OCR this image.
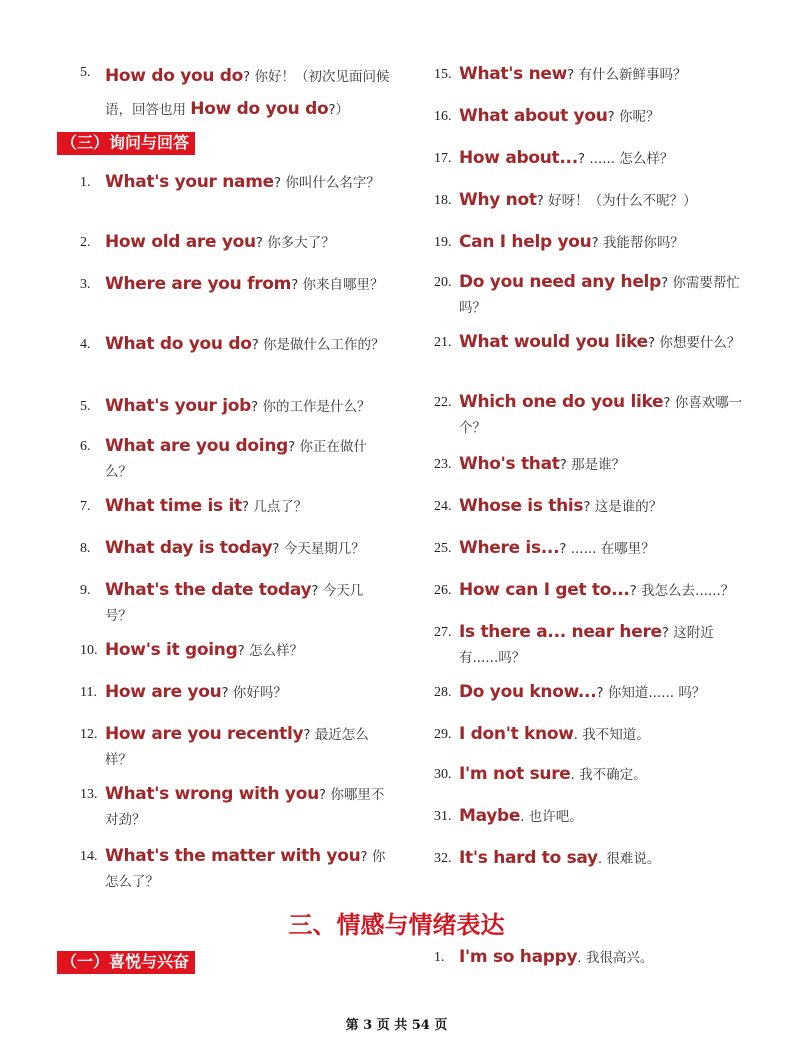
5. How do you do? 你好！（初次见面问候语，回答也用 How do you do?）
1. What's your name? 你叫什么名字？
2. How old are you? 你多大了？
3. Where are you from? 你来自哪里？
4. What do you do? 你是做什么工作的？
5. What's your job? 你的工作是什么？
6. What are you doing? 你正在做什么？
7. What time is it? 几点了？
8. What day is today? 今天星期几？
9. What's the date today? 今天几号？
10. How's it going? 怎么样？
11. How are you? 你好吗？
12. How are you recently? 最近怎么样？
13. What's wrong with you? 你哪里不对劲？
14. What's the matter with you? 你怎么了？
（三）询问与回答
15. What's new? 有什么新鲜事吗？
16. What about you? 你呢？
17. How about...? ...... 怎么样？
18. Why not? 好呀！（为什么不呢？）
19. Can I help you? 我能帮你吗？
20. Do you need any help? 你需要帮忙吗？
21. What would you like? 你想要什么？
22. Which one do you like? 你喜欢哪一个？
23. Who's that? 那是谁？
24. Whose is this? 这是谁的？
25. Where is...? ...... 在哪里？
26. How can I get to...? 我怎么去......？
27. Is there a... near here? 这附近有......吗？
28. Do you know...? 你知道...... 吗？
29. I don't know. 我不知道。
30. I'm not sure. 我不确定。
31. Maybe. 也许吧。
32. It's hard to say. 很难说。
三、情感与情绪表达
（一）喜悦与兴奋	1. I'm so happy. 我很高兴。
第 3 页 共 54 页
